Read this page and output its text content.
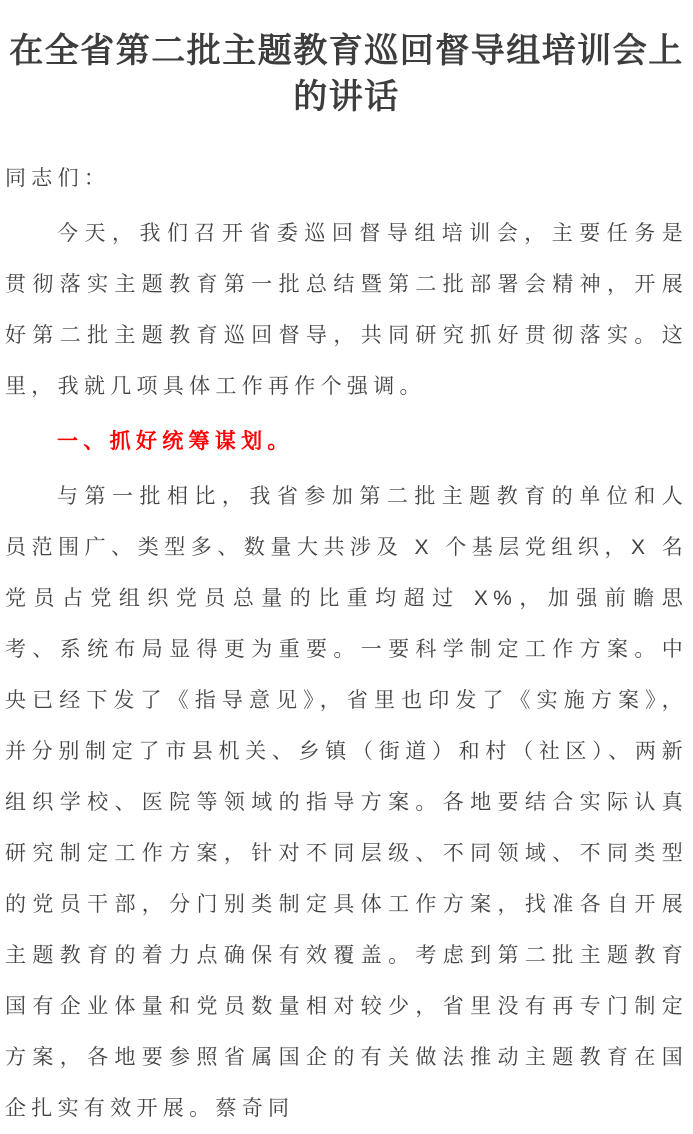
在全省第二批主题教育巡回督导组培训会上的讲话

同志们：

今天，我们召开省委巡回督导组培训会，主要任务是贯彻落实主题教育第一批总结暨第二批部署会精神，开展好第二批主题教育巡回督导，共同研究抓好贯彻落实。这里，我就几项具体工作再作个强调。

一、抓好统筹谋划。

与第一批相比，我省参加第二批主题教育的单位和人员范围广、类型多、数量大共涉及 X 个基层党组织，X 名党员占党组织党员总量的比重均超过 X%，加强前瞻思考、系统布局显得更为重要。一要科学制定工作方案。中央已经下发了《指导意见》，省里也印发了《实施方案》，并分别制定了市县机关、乡镇（街道）和村（社区）、两新组织学校、医院等领域的指导方案。各地要结合实际认真研究制定工作方案，针对不同层级、不同领域、不同类型的党员干部，分门别类制定具体工作方案，找准各自开展主题教育的着力点确保有效覆盖。考虑到第二批主题教育国有企业体量和党员数量相对较少，省里没有再专门制定方案，各地要参照省属国企的有关做法推动主题教育在国企扎实有效开展。蔡奇同
